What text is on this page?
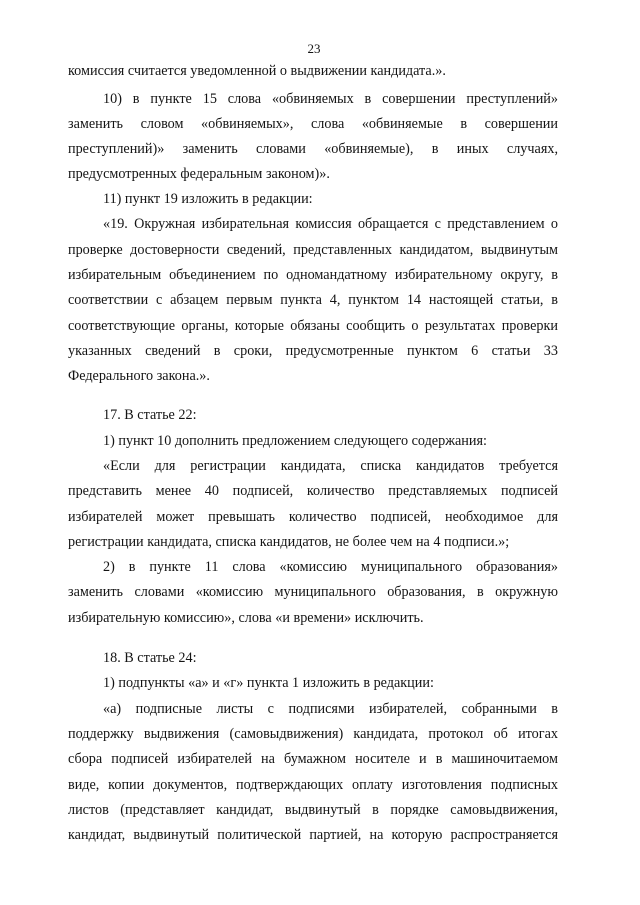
23
комиссия считается уведомленной о выдвижении кандидата.».
10) в пункте 15 слова «обвиняемых в совершении преступлений»
заменить словом «обвиняемых», слова «обвиняемые в совершении
преступлений)» заменить словами «обвиняемые), в иных случаях,
предусмотренных федеральным законом)».
11) пункт 19 изложить в редакции:
«19. Окружная избирательная комиссия обращается с представлением о
проверке достоверности сведений, представленных кандидатом, выдвинутым
избирательным объединением по одномандатному избирательному округу, в
соответствии с абзацем первым пункта 4, пунктом 14 настоящей статьи, в
соответствующие органы, которые обязаны сообщить о результатах проверки
указанных сведений в сроки, предусмотренные пунктом 6 статьи 33
Федерального закона.».
17. В статье 22:
1) пункт 10 дополнить предложением следующего содержания:
«Если для регистрации кандидата, списка кандидатов требуется
представить менее 40 подписей, количество представляемых подписей
избирателей может превышать количество подписей, необходимое для
регистрации кандидата, списка кандидатов, не более чем на 4 подписи.»;
2) в пункте 11 слова «комиссию муниципального образования»
заменить словами «комиссию муниципального образования, в окружную
избирательную комиссию», слова «и времени» исключить.
18. В статье 24:
1) подпункты «а» и «г» пункта 1 изложить в редакции:
«а) подписные листы с подписями избирателей, собранными в
поддержку выдвижения (самовыдвижения) кандидата, протокол об итогах
сбора подписей избирателей на бумажном носителе и в машиночитаемом
виде, копии документов, подтверждающих оплату изготовления подписных
листов (представляет кандидат, выдвинутый в порядке самовыдвижения,
кандидат, выдвинутый политической партией, на которую распространяется
